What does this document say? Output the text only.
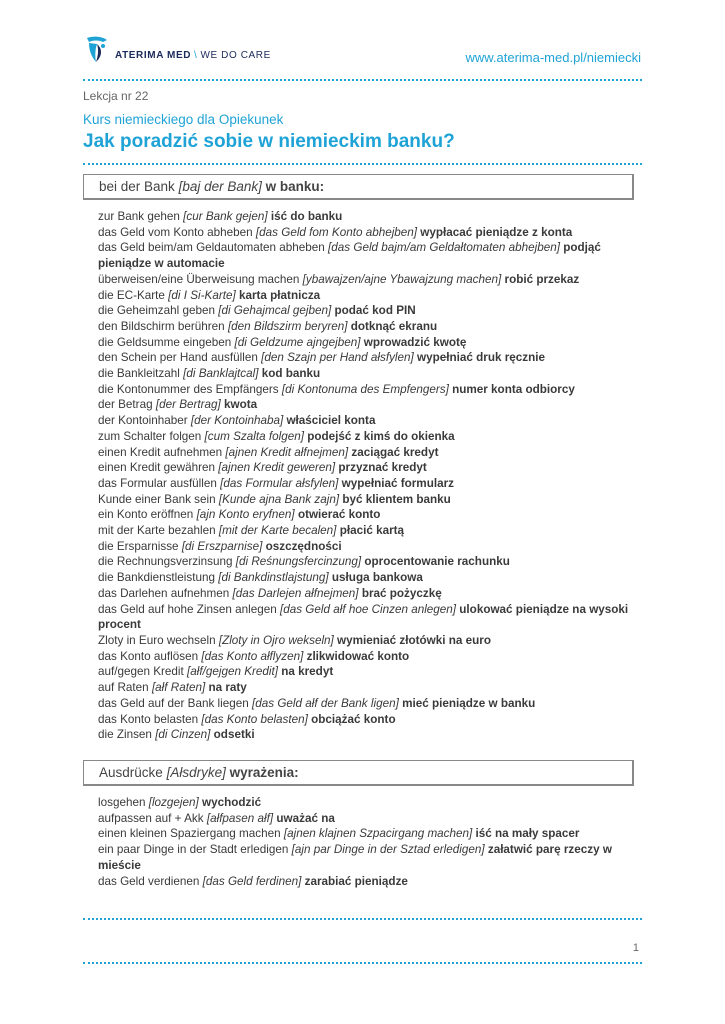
ATERIMA MED \ WE DO CARE	www.aterima-med.pl/niemiecki
Lekcja nr 22
Kurs niemieckiego dla Opiekunek
Jak poradzić sobie w niemieckim banku?
bei der Bank [baj der Bank] w banku:
zur Bank gehen [cur Bank gejen] iść do banku
das Geld vom Konto abheben [das Geld fom Konto abhejben] wypłacać pieniądze z konta
das Geld beim/am Geldautomaten abheben [das Geld bajm/am Geldałtomaten abhejben] podjąć pieniądze w automacie
überweisen/eine Überweisung machen [ybawajzen/ajne Ybawajzung machen] robić przekaz
die EC-Karte [di I Si-Karte] karta płatnicza
die Geheimzahl geben [di Gehajmcal gejben] podać kod PIN
den Bildschirm berühren [den Bildszirm beryren] dotknąć ekranu
die Geldsumme eingeben [di Geldzume ajngejben] wprowadzić kwotę
den Schein per Hand ausfüllen [den Szajn per Hand ałsfylen] wypełniać druk ręcznie
die Bankleitzahl [di Banklajtcal] kod banku
die Kontonummer des Empfängers [di Kontonuma des Empfengers] numer konta odbiorcy
der Betrag [der Bertrag] kwota
der Kontoinhaber [der Kontoinhaba] właściciel konta
zum Schalter folgen [cum Szalta folgen] podejść z kimś do okienka
einen Kredit aufnehmen [ajnen Kredit ałfnejmen] zaciągać kredyt
einen Kredit gewähren [ajnen Kredit geweren] przyznać kredyt
das Formular ausfüllen [das Formular ałsfylen] wypełniać formularz
Kunde einer Bank sein [Kunde ajna Bank zajn] być klientem banku
ein Konto eröffnen [ajn Konto eryfnen] otwierać konto
mit der Karte bezahlen [mit der Karte becalen] płacić kartą
die Ersparnisse [di Erszparnise] oszczędności
die Rechnungsverzinsung [di Reśnungsfercinzung] oprocentowanie rachunku
die Bankdienstleistung [di Bankdinstlajstung] usługa bankowa
das Darlehen aufnehmen [das Darlejen ałfnejmen] brać pożyczkę
das Geld auf hohe Zinsen anlegen [das Geld ałf hoe Cinzen anlegen] ulokować pieniądze na wysoki procent
Zloty in Euro wechseln [Zloty in Ojro wekseln] wymieniać złotówki na euro
das Konto auflösen [das Konto ałflyzen] zlikwidować konto
auf/gegen Kredit [ałf/gejgen Kredit] na kredyt
auf Raten [ałf Raten] na raty
das Geld auf der Bank liegen [das Geld ałf der Bank ligen] mieć pieniądze w banku
das Konto belasten [das Konto belasten] obciążać konto
die Zinsen [di Cinzen] odsetki
Ausdrücke [Ałsdryke] wyrażenia:
losgehen [lozgejen] wychodzić
aufpassen auf + Akk [ałfpasen ałf] uważać na
einen kleinen Spaziergang machen [ajnen klajnen Szpacirgang machen] iść na mały spacer
ein paar Dinge in der Stadt erledigen [ajn par Dinge in der Sztad erledigen] załatwić parę rzeczy w mieście
das Geld verdienen [das Geld ferdinen] zarabiać pieniądze
1
